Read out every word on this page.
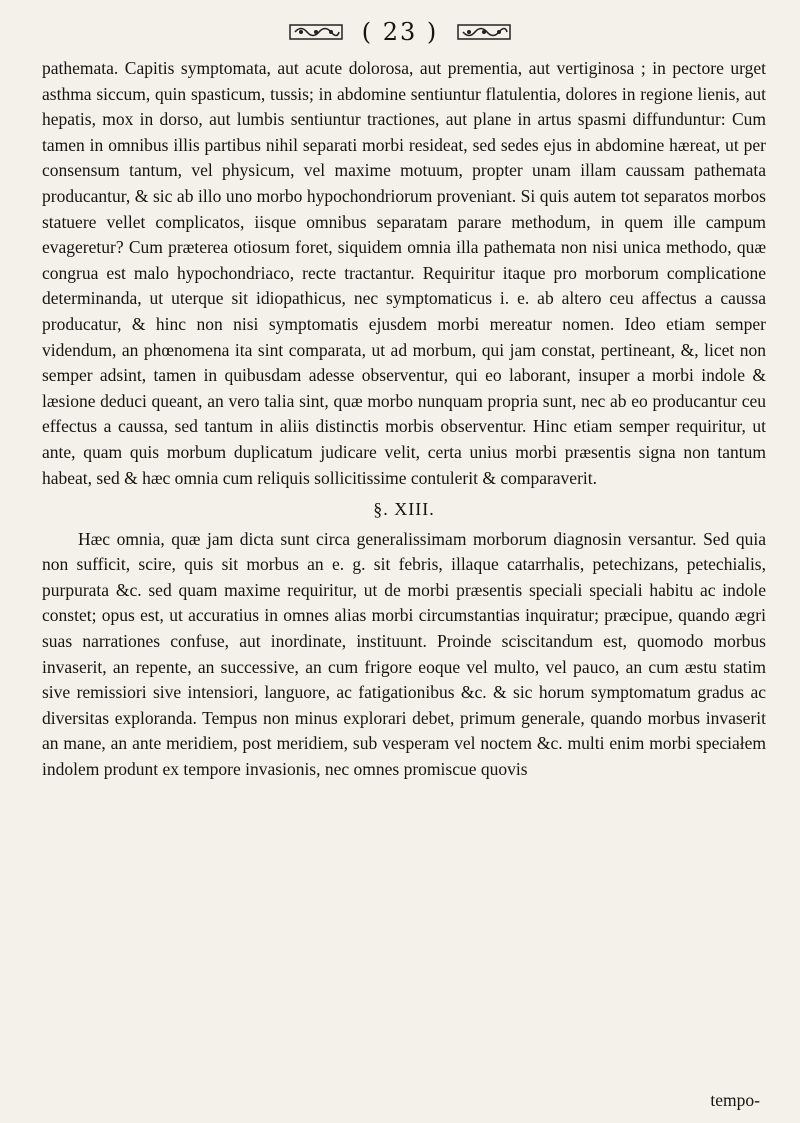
( 23 )

pathemata. Capitis symptomata, aut acute dolorosa, aut prementia, aut vertiginosa ; in pectore urget asthma siccum, quin spasticum, tussis; in abdomine sentiuntur flatulentia, dolores in regione lienis, aut hepatis, mox in dorso, aut lumbis sentiuntur tractiones, aut plane in artus spasmi diffunduntur: Cum tamen in omnibus illis partibus nihil separati morbi resideat, sed sedes ejus in abdomine hæreat, ut per consensum tantum, vel physicum, vel maxime motuum, propter unam illam caussam pathemata producantur, & sic ab illo uno morbo hypochondriorum proveniant. Si quis autem tot separatos morbos statuere vellet complicatos, iisque omnibus separatam parare methodum, in quem ille campum evageretur? Cum præterea otiosum foret, siquidem omnia illa pathemata non nisi unica methodo, quæ congrua est malo hypochondriaco, recte tractantur. Requiritur itaque pro morborum complicatione determinanda, ut uterque sit idiopathicus, nec symptomaticus i. e. ab altero ceu affectus a caussa producatur, & hinc non nisi symptomatis ejusdem morbi mereatur nomen. Ideo etiam semper videndum, an phœnomena ita sint comparata, ut ad morbum, qui jam constat, pertineant, &, licet non semper adsint, tamen in quibusdam adesse observentur, qui eo laborant, insuper a morbi indole & læsione deduci queant, an vero talia sint, quæ morbo nunquam propria sunt, nec ab eo producantur ceu effectus a caussa, sed tantum in aliis distinctis morbis observentur. Hinc etiam semper requiritur, ut ante, quam quis morbum duplicatum judicare velit, certa unius morbi præsentis signa non tantum habeat, sed & hæc omnia cum reliquis sollicitissime contulerit & comparaverit.

§. XIII.

Hæc omnia, quæ jam dicta sunt circa generalissimam morborum diagnosin versantur. Sed quia non sufficit, scire, quis sit morbus an e. g. sit febris, illaque catarrhalis, petechizans, petechialis, purpurata &c. sed quam maxime requiritur, ut de morbi præsentis speciali speciali habitu ac indole constet; opus est, ut accuratius in omnes alias morbi circumstantias inquiratur; præcipue, quando ægri suas narrationes confuse, aut inordinate, instituunt. Proinde sciscitandum est, quomodo morbus invaserit, an repente, an successive, an cum frigore eoque vel multo, vel pauco, an cum æstu statim sive remissiori sive intensiori, languore, ac fatigationibus &c. & sic horum symptomatum gradus ac diversitas exploranda. Tempus non minus explorari debet, primum generale, quando morbus invaserit an mane, an ante meridiem, post meridiem, sub vesperam vel noctem &c. multi enim morbi speciałem indolem produnt ex tempore invasionis, nec omnes promiscue quovis

tempo-
